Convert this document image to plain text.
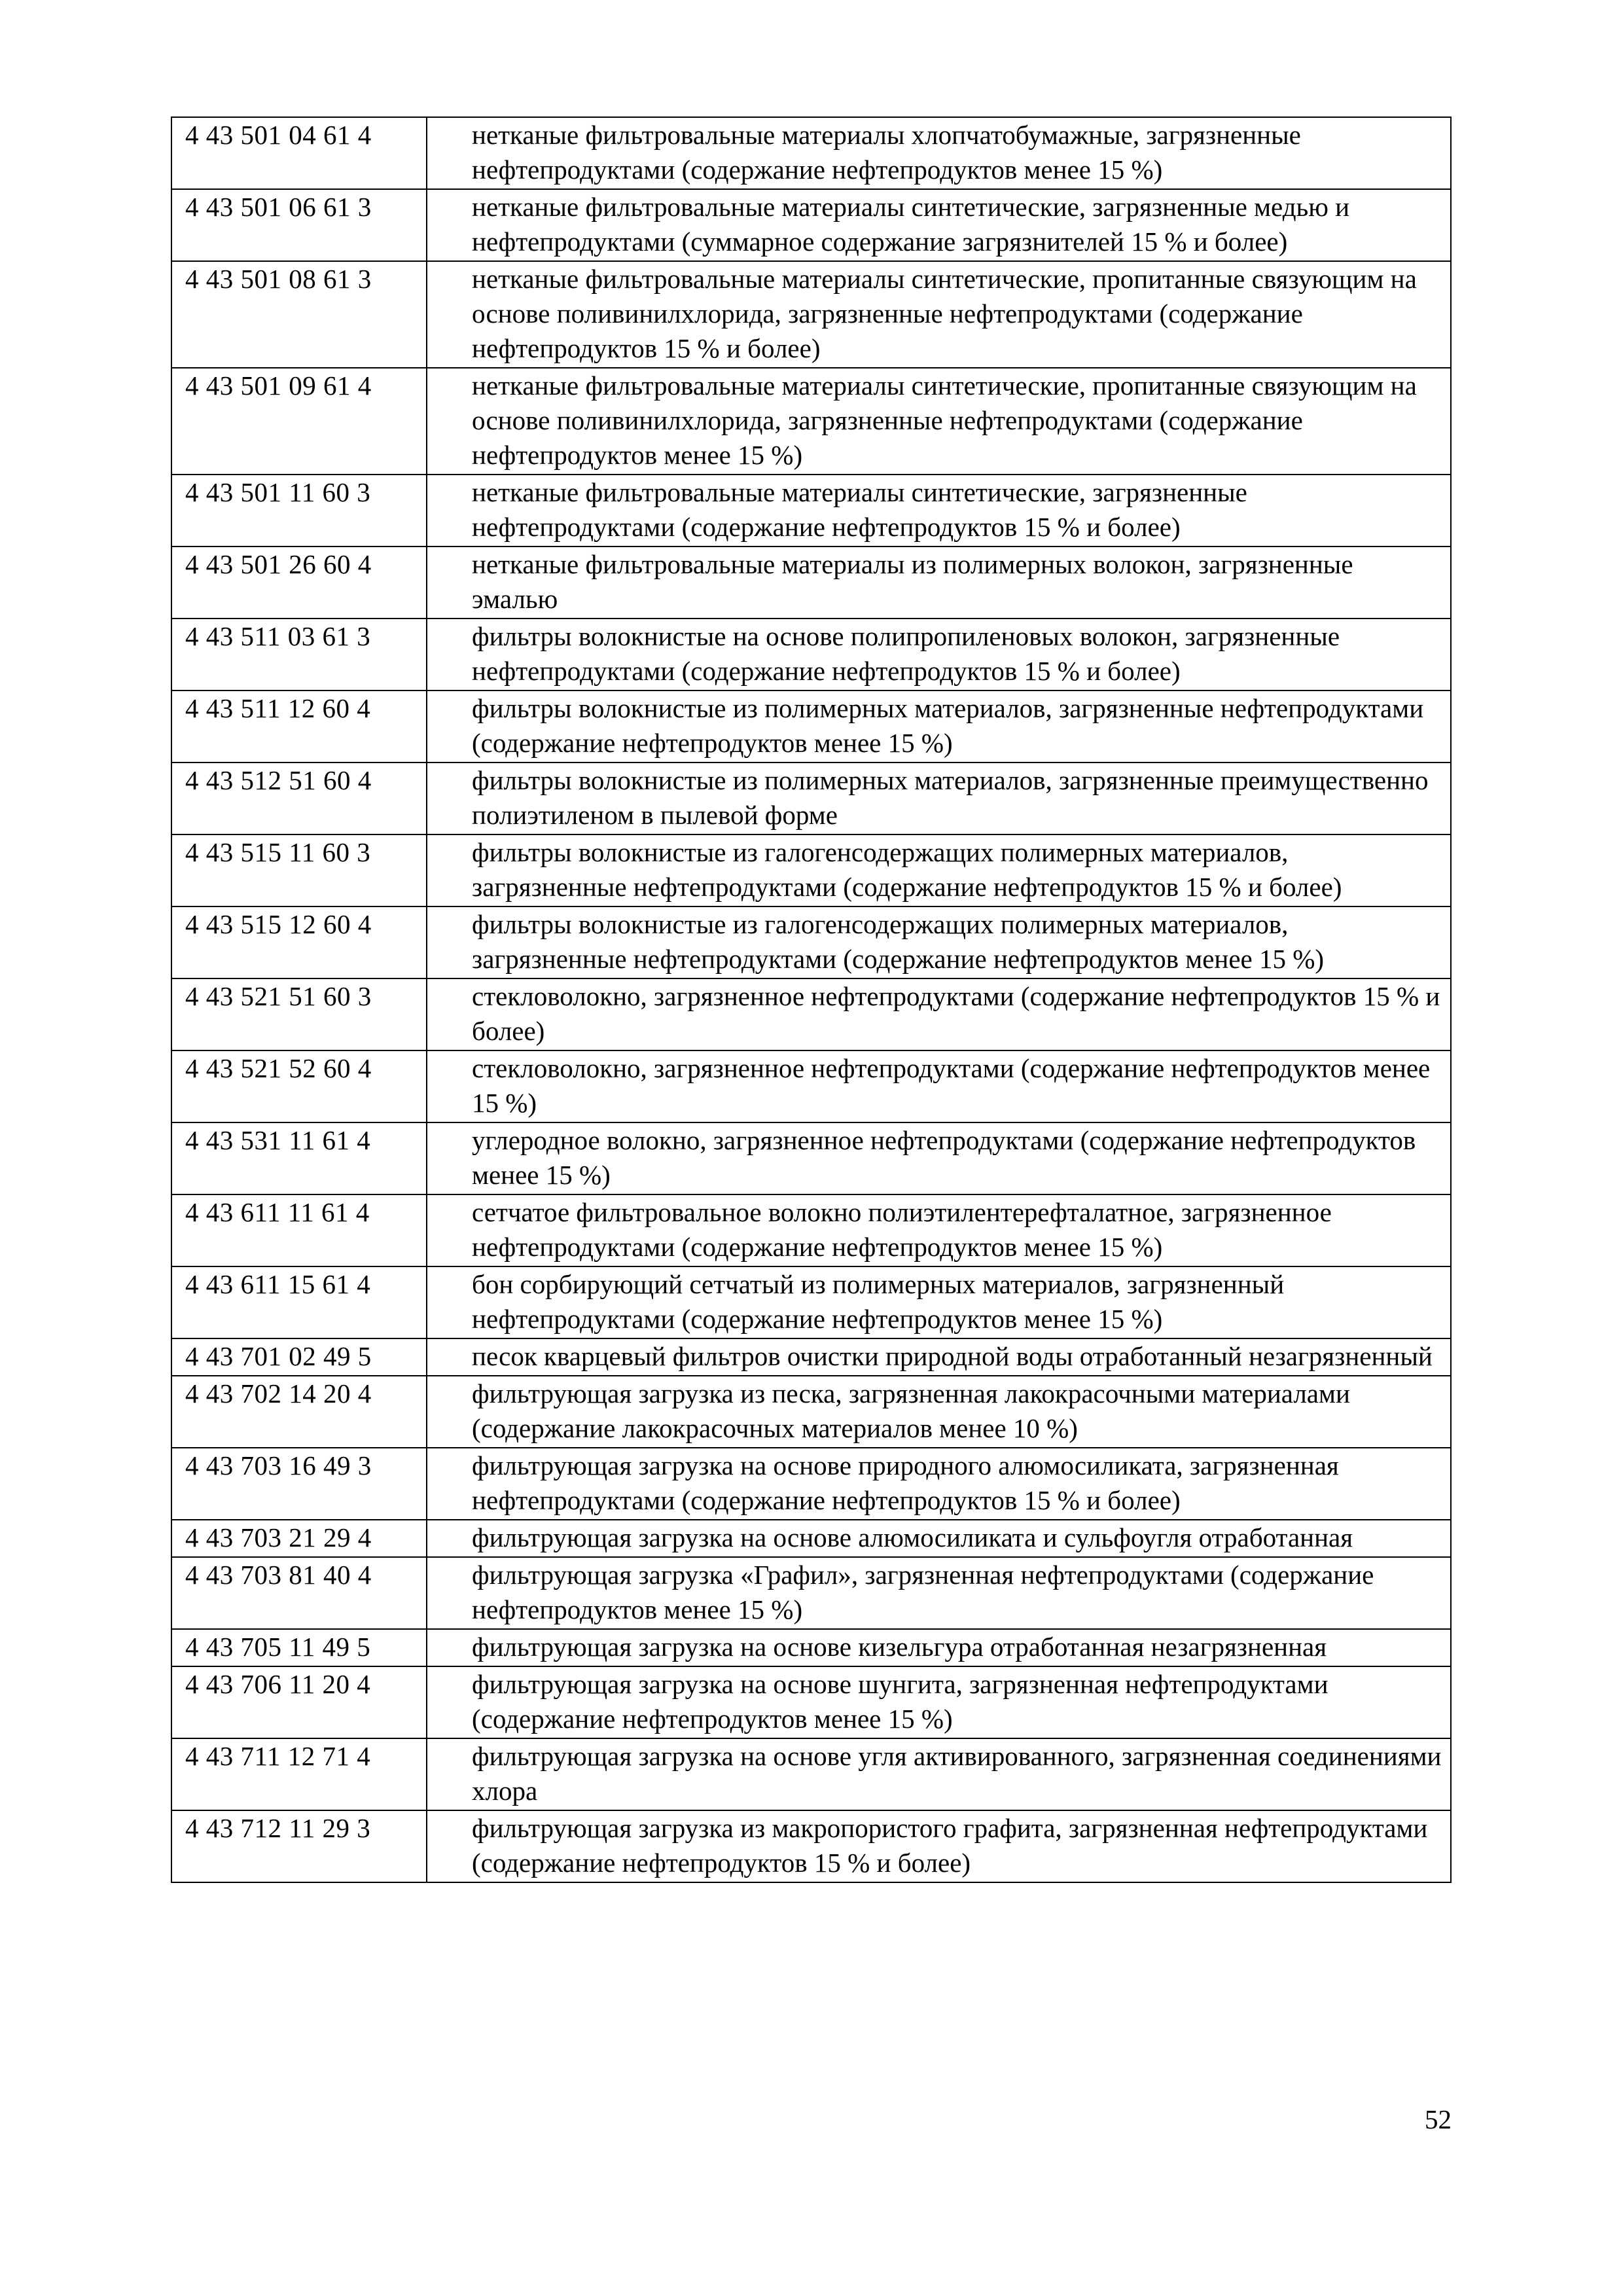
4 43 501 04 61 4	нетканые фильтровальные материалы хлопчатобумажные, загрязненные нефтепродуктами (содержание нефтепродуктов менее 15 %)
4 43 501 06 61 3	нетканые фильтровальные материалы синтетические, загрязненные медью и нефтепродуктами (суммарное содержание загрязнителей 15 % и более)
4 43 501 08 61 3	нетканые фильтровальные материалы синтетические, пропитанные связующим на основе поливинилхлорида, загрязненные нефтепродуктами (содержание нефтепродуктов 15 % и более)
4 43 501 09 61 4	нетканые фильтровальные материалы синтетические, пропитанные связующим на основе поливинилхлорида, загрязненные нефтепродуктами (содержание нефтепродуктов менее 15 %)
4 43 501 11 60 3	нетканые фильтровальные материалы синтетические, загрязненные нефтепродуктами (содержание нефтепродуктов 15 % и более)
4 43 501 26 60 4	нетканые фильтровальные материалы из полимерных волокон, загрязненные эмалью
4 43 511 03 61 3	фильтры волокнистые на основе полипропиленовых волокон, загрязненные нефтепродуктами (содержание нефтепродуктов 15 % и более)
4 43 511 12 60 4	фильтры волокнистые из полимерных материалов, загрязненные нефтепродуктами (содержание нефтепродуктов менее 15 %)
4 43 512 51 60 4	фильтры волокнистые из полимерных материалов, загрязненные преимущественно полиэтиленом в пылевой форме
4 43 515 11 60 3	фильтры волокнистые из галогенсодержащих полимерных материалов, загрязненные нефтепродуктами (содержание нефтепродуктов 15 % и более)
4 43 515 12 60 4	фильтры волокнистые из галогенсодержащих полимерных материалов, загрязненные нефтепродуктами (содержание нефтепродуктов менее 15 %)
4 43 521 51 60 3	стекловолокно, загрязненное нефтепродуктами (содержание нефтепродуктов 15 % и более)
4 43 521 52 60 4	стекловолокно, загрязненное нефтепродуктами (содержание нефтепродуктов менее 15 %)
4 43 531 11 61 4	углеродное волокно, загрязненное нефтепродуктами (содержание нефтепродуктов менее 15 %)
4 43 611 11 61 4	сетчатое фильтровальное волокно полиэтилентерефталатное, загрязненное нефтепродуктами (содержание нефтепродуктов менее 15 %)
4 43 611 15 61 4	бон сорбирующий сетчатый из полимерных материалов, загрязненный нефтепродуктами (содержание нефтепродуктов менее 15 %)
4 43 701 02 49 5	песок кварцевый фильтров очистки природной воды отработанный незагрязненный
4 43 702 14 20 4	фильтрующая загрузка из песка, загрязненная лакокрасочными материалами (содержание лакокрасочных материалов менее 10 %)
4 43 703 16 49 3	фильтрующая загрузка на основе природного алюмосиликата, загрязненная нефтепродуктами (содержание нефтепродуктов 15 % и более)
4 43 703 21 29 4	фильтрующая загрузка на основе алюмосиликата и сульфоугля отработанная
4 43 703 81 40 4	фильтрующая загрузка «Графил», загрязненная нефтепродуктами (содержание нефтепродуктов менее 15 %)
4 43 705 11 49 5	фильтрующая загрузка на основе кизельгура отработанная незагрязненная
4 43 706 11 20 4	фильтрующая загрузка на основе шунгита, загрязненная нефтепродуктами (содержание нефтепродуктов менее 15 %)
4 43 711 12 71 4	фильтрующая загрузка на основе угля активированного, загрязненная соединениями хлора
4 43 712 11 29 3	фильтрующая загрузка из макропористого графита, загрязненная нефтепродуктами (содержание нефтепродуктов 15 % и более)
52
